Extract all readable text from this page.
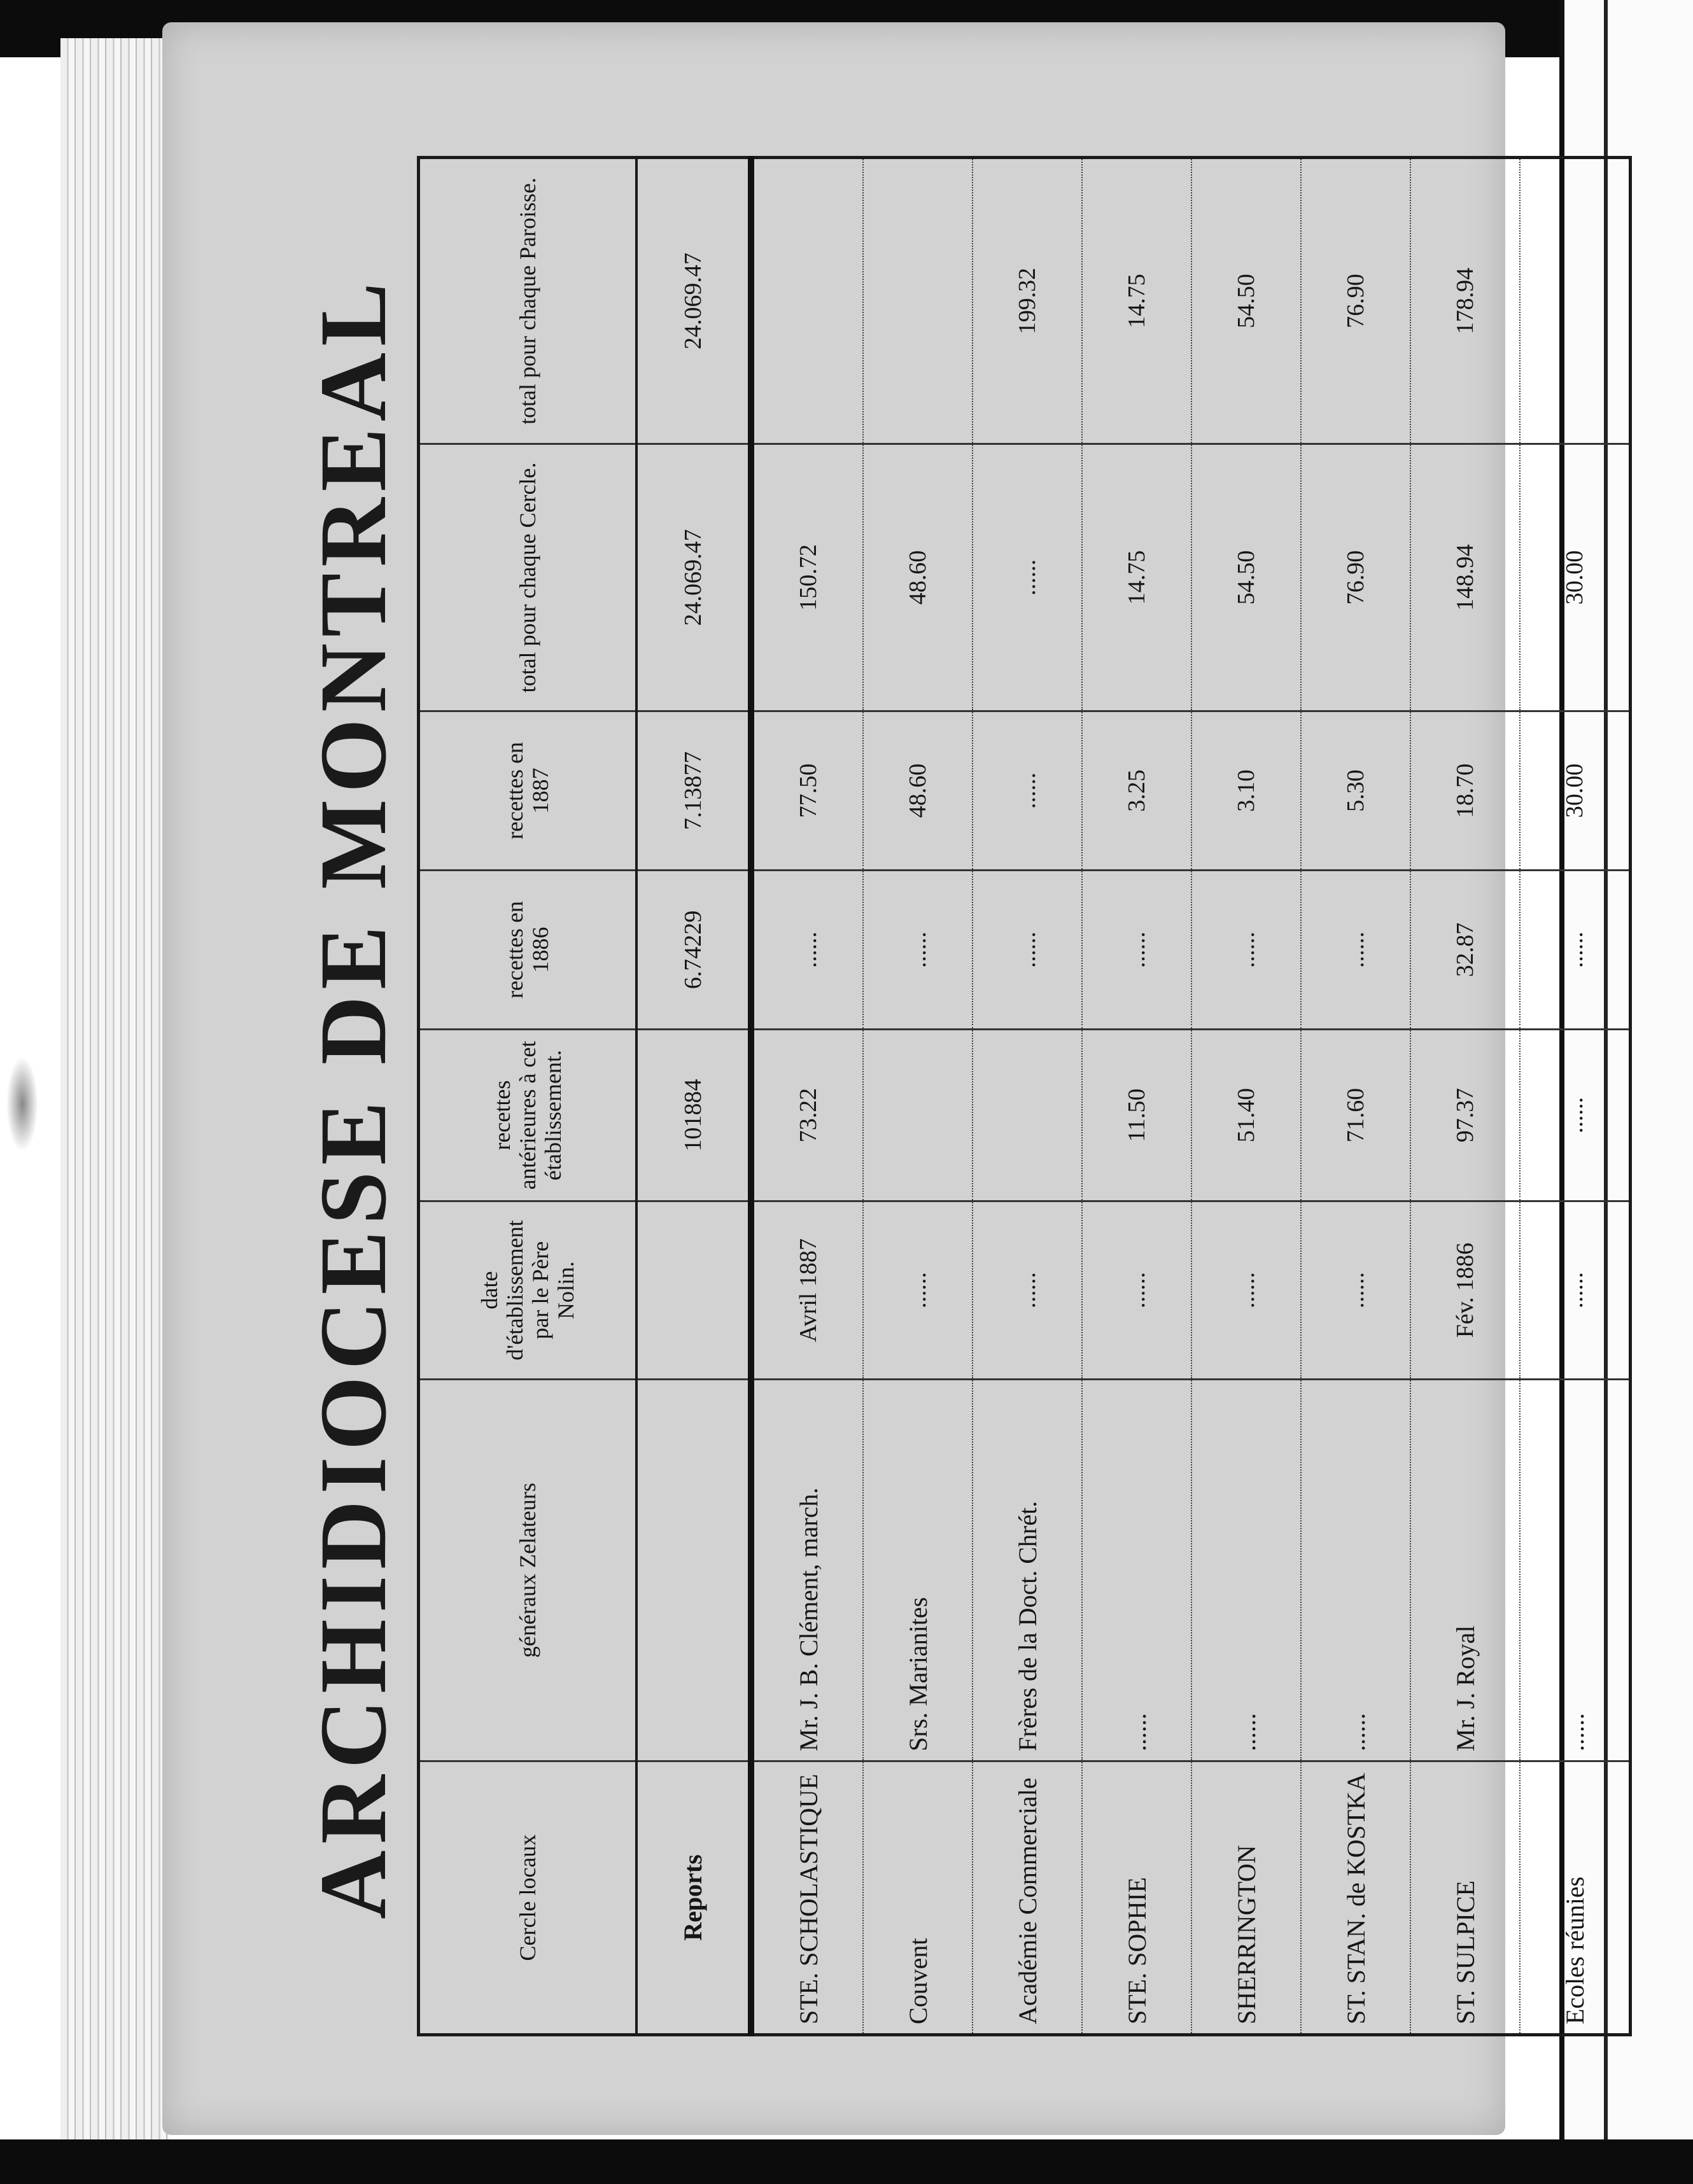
ARCHIDIOCESE DE MONTREAL	Cercle locaux	généraux Zelateurs	date d'établissement par le Père Nolin.	recettes antérieures à cet établissement.	recettes en 1886	recettes en 1887	total pour chaque Cercle.	total pour chaque Paroisse.
Reports			101884	6.74229	7.13877	24.069.47	24.069.47
STE. SCHOLASTIQUE	Mr. J. B. Clément, march.	Avril 1887	73.22	......	77.50	150.72	
Couvent	Srs. Marianites	......		......	48.60	48.60	
Académie Commerciale	Frères de la Doct. Chrét.	......		......	......	......	199.32
STE. SOPHIE	......	......	11.50	......	3.25	14.75	14.75
SHERRINGTON	......	......	51.40	......	3.10	54.50	54.50
ST. STAN. de KOSTKA	......	......	71.60	......	5.30	76.90	76.90
ST. SULPICE	Mr. J. Royal	Fév. 1886	97.37	32.87	18.70	148.94	178.94
Ecoles réunies	......	......	......	......	30.00	30.00	
